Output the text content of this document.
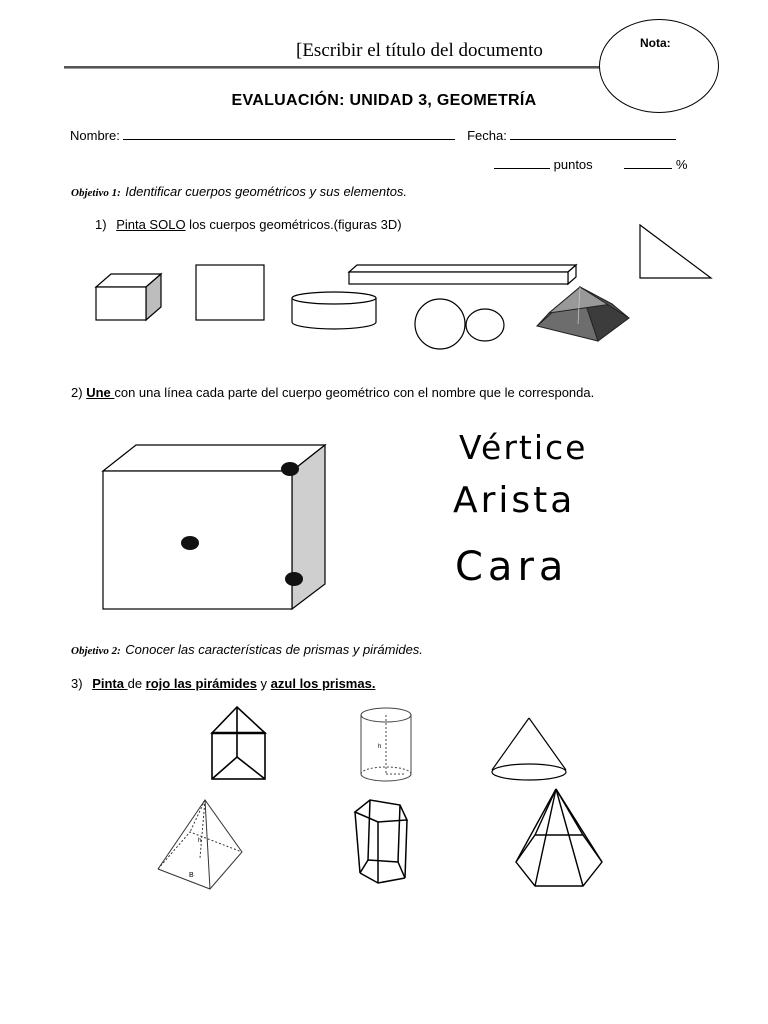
[Escribir el título del documento	Nota:
EVALUACIÓN: UNIDAD 3, GEOMETRÍA
Nombre:	Fecha:
puntos	%
Objetivo 1: Identificar cuerpos geométricos y sus elementos.
1) Pinta SOLO los cuerpos geométricos.(figuras 3D)
2) Une con una línea cada parte del cuerpo geométrico con el nombre que le corresponda.
Vértice
Arista
Cara
Objetivo 2: Conocer las características de prismas y pirámides.
3) Pinta de rojo las pirámides y azul los prismas.
h
h
B
